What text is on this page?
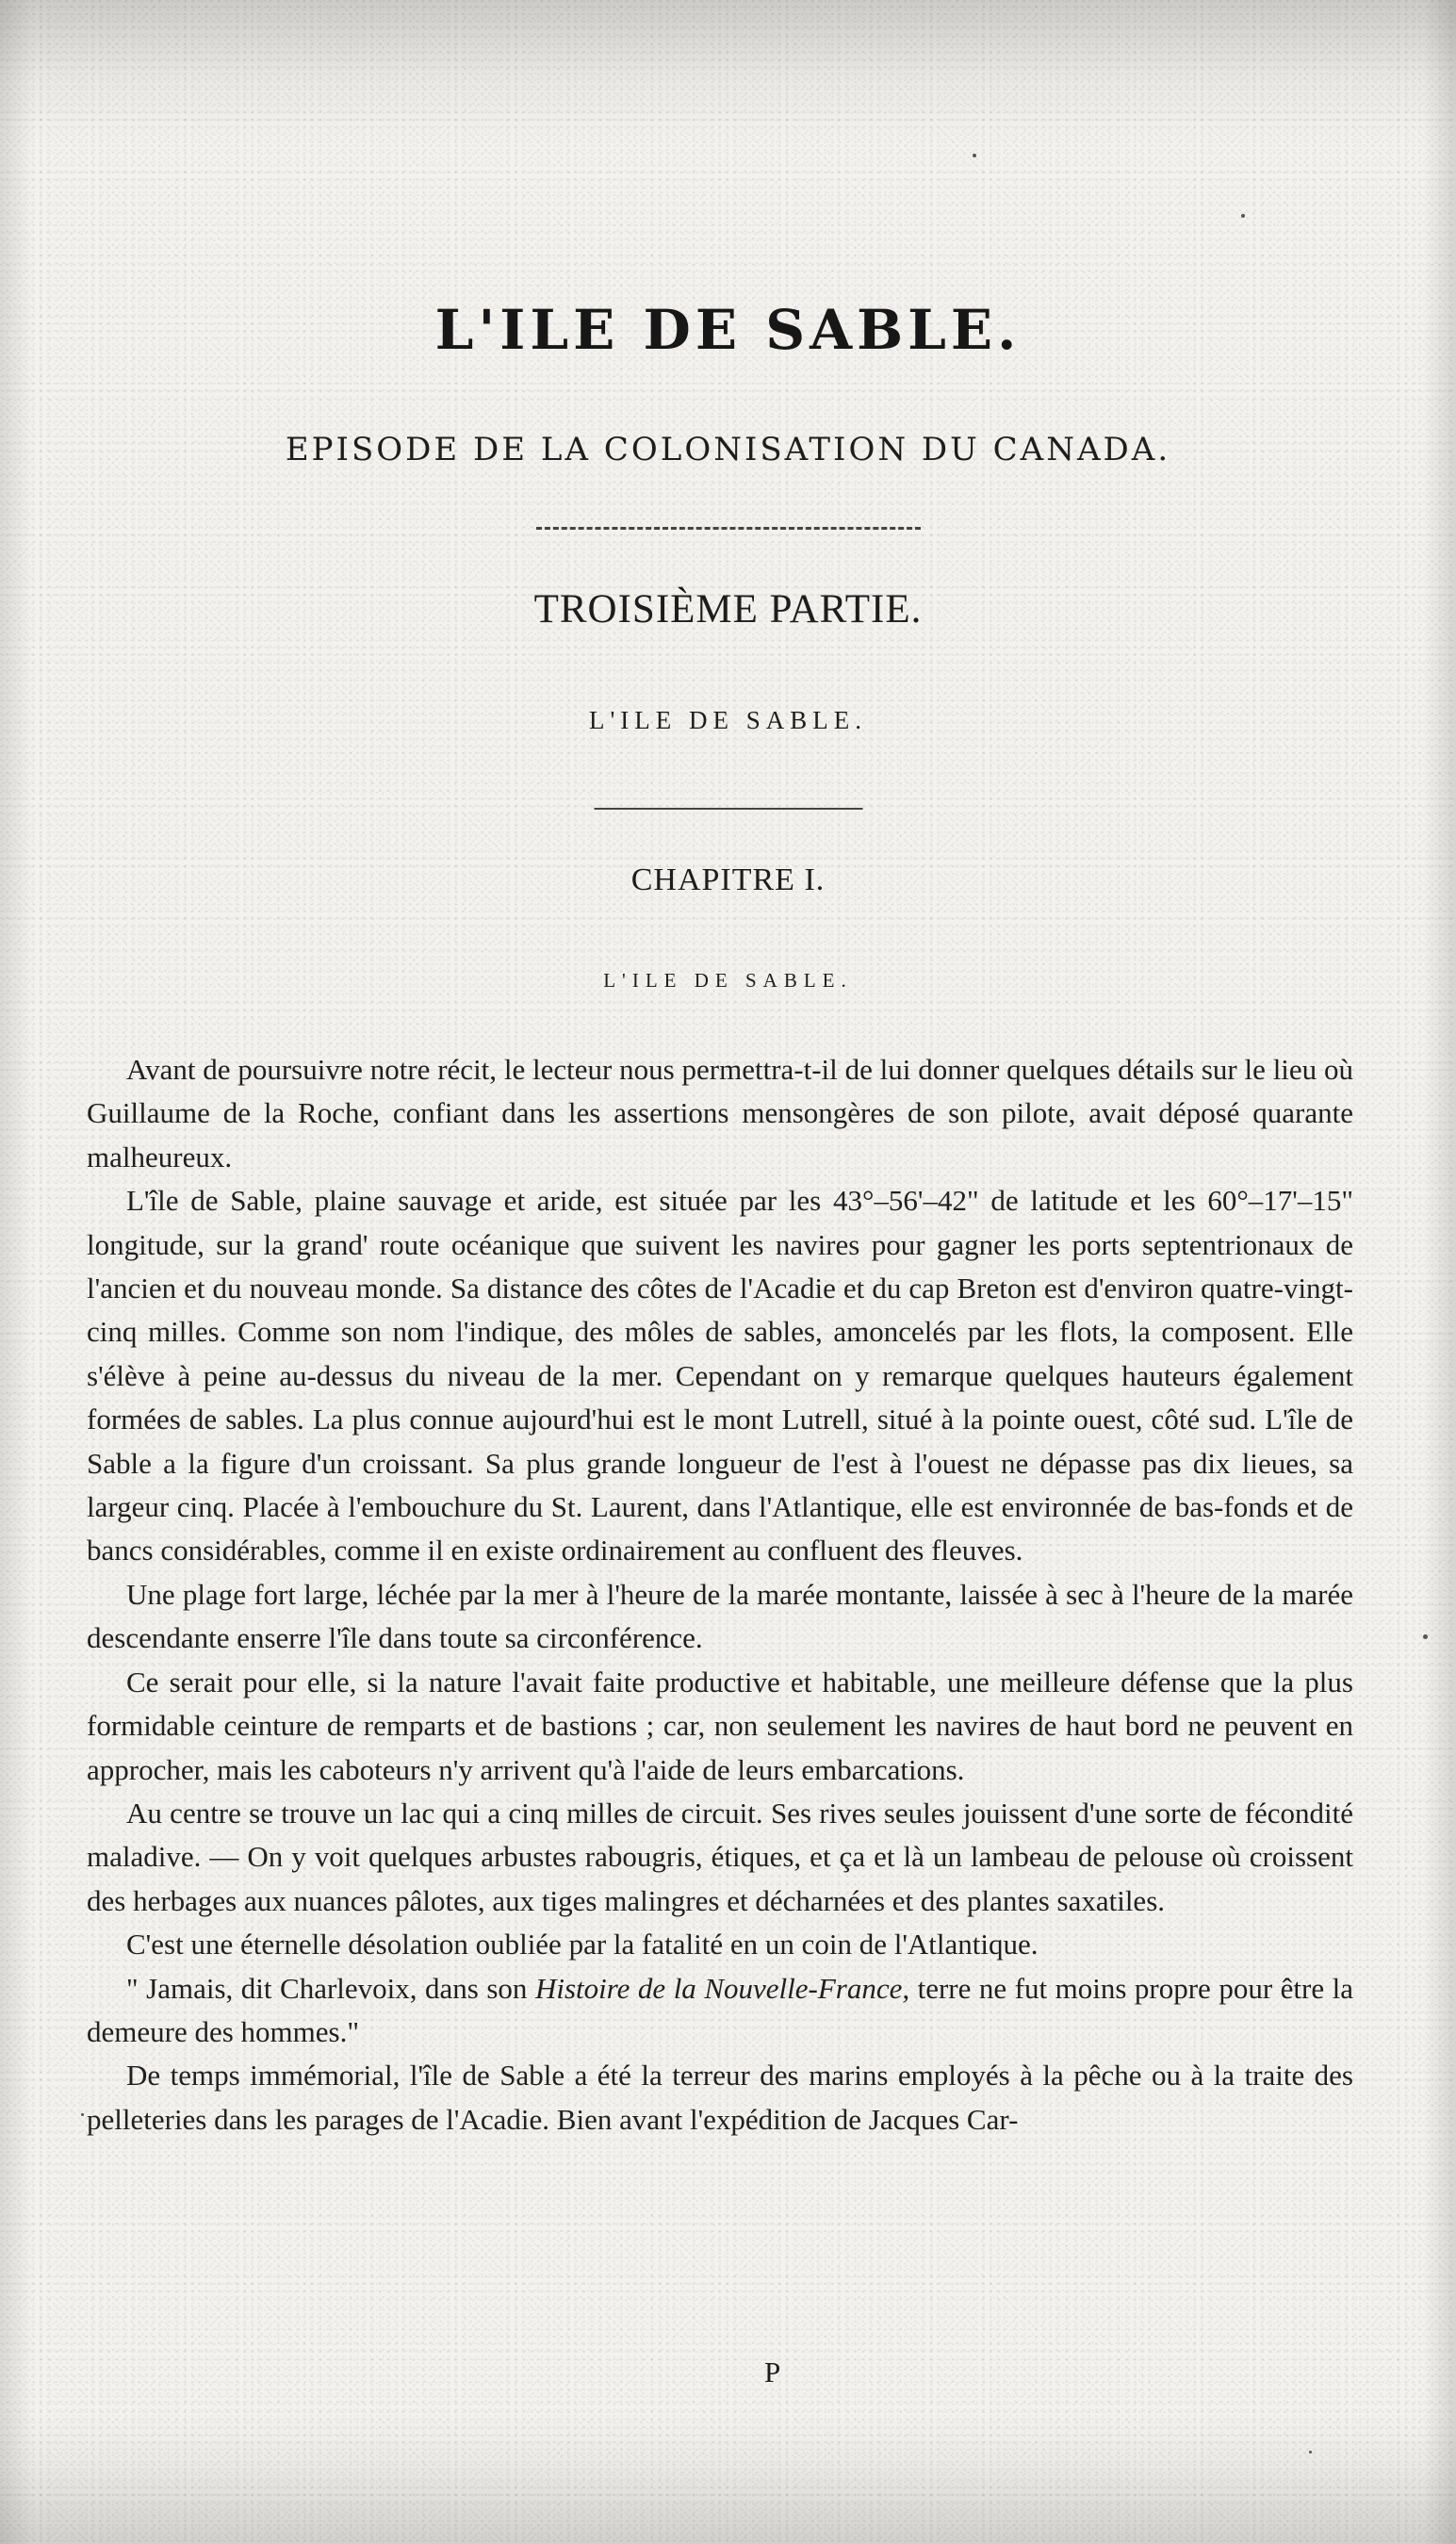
L'ILE DE SABLE.
EPISODE DE LA COLONISATION DU CANADA.
TROISIÈME PARTIE.
L'ILE DE SABLE.
CHAPITRE I.
L'ILE DE SABLE.

Avant de poursuivre notre récit, le lecteur nous permettra-t-il de lui donner quelques détails sur le lieu où Guillaume de la Roche, confiant dans les assertions mensongères de son pilote, avait déposé quarante malheureux.

L'île de Sable, plaine sauvage et aride, est située par les 43°–56'–42" de latitude et les 60°–17'–15" longitude, sur la grand' route océanique que suivent les navires pour gagner les ports septentrionaux de l'ancien et du nouveau monde. Sa distance des côtes de l'Acadie et du cap Breton est d'environ quatre-vingt-cinq milles. Comme son nom l'indique, des môles de sables, amoncelés par les flots, la composent. Elle s'élève à peine au-dessus du niveau de la mer. Cependant on y remarque quelques hauteurs également formées de sables. La plus connue aujourd'hui est le mont Lutrell, situé à la pointe ouest, côté sud. L'île de Sable a la figure d'un croissant. Sa plus grande longueur de l'est à l'ouest ne dépasse pas dix lieues, sa largeur cinq. Placée à l'embouchure du St. Laurent, dans l'Atlantique, elle est environnée de bas-fonds et de bancs considérables, comme il en existe ordinairement au confluent des fleuves.

Une plage fort large, léchée par la mer à l'heure de la marée montante, laissée à sec à l'heure de la marée descendante enserre l'île dans toute sa circonférence.

Ce serait pour elle, si la nature l'avait faite productive et habitable, une meilleure défense que la plus formidable ceinture de remparts et de bastions ; car, non seulement les navires de haut bord ne peuvent en approcher, mais les caboteurs n'y arrivent qu'à l'aide de leurs embarcations.

Au centre se trouve un lac qui a cinq milles de circuit. Ses rives seules jouissent d'une sorte de fécondité maladive. — On y voit quelques arbustes rabougris, étiques, et ça et là un lambeau de pelouse où croissent des herbages aux nuances pâlotes, aux tiges malingres et décharnées et des plantes saxatiles.

C'est une éternelle désolation oubliée par la fatalité en un coin de l'Atlantique.

" Jamais, dit Charlevoix, dans son Histoire de la Nouvelle-France, terre ne fut moins propre pour être la demeure des hommes."

De temps immémorial, l'île de Sable a été la terreur des marins employés à la pêche ou à la traite des pelleteries dans les parages de l'Acadie. Bien avant l'expédition de Jacques Car-

P
